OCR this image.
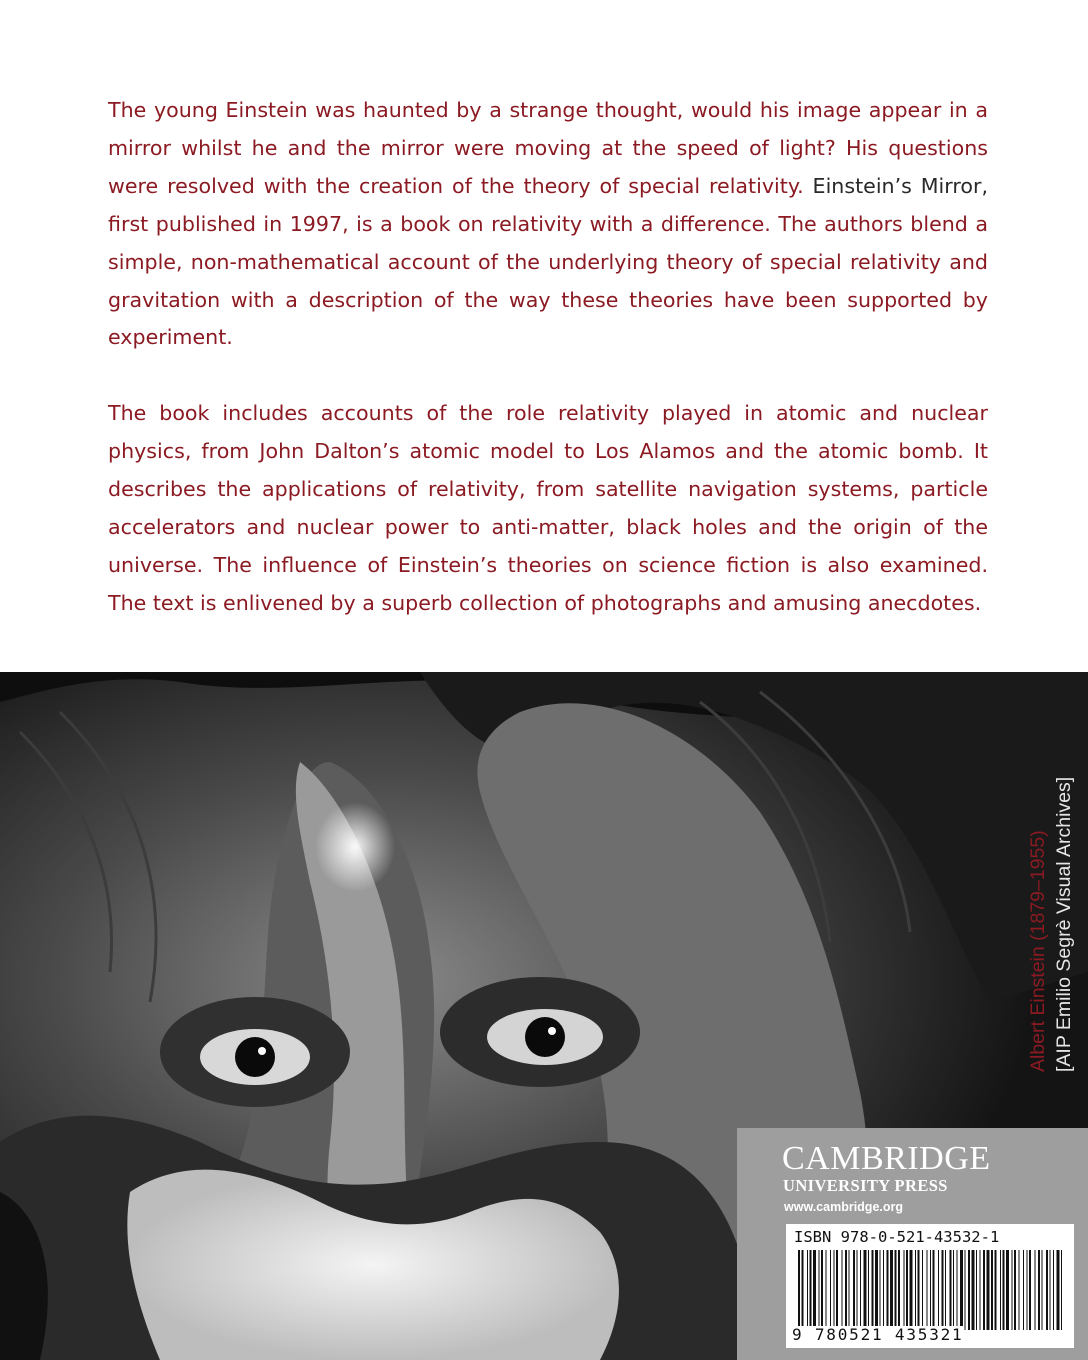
The young Einstein was haunted by a strange thought, would his image appear in a mirror whilst he and the mirror were moving at the speed of light? His questions were resolved with the creation of the theory of special relativity. Einstein’s Mirror, first published in 1997, is a book on relativity with a difference. The authors blend a simple, non-mathematical account of the underlying theory of special relativity and gravitation with a description of the way these theories have been supported by experiment.

The book includes accounts of the role relativity played in atomic and nuclear physics, from John Dalton’s atomic model to Los Alamos and the atomic bomb. It describes the applications of relativity, from satellite navigation systems, particle accelerators and nuclear power to anti-matter, black holes and the origin of the universe. The influence of Einstein’s theories on science fiction is also examined. The text is enlivened by a superb collection of photographs and amusing anecdotes.

Albert Einstein (1879–1955) [AIP Emilio Segrè Visual Archives]
CAMBRIDGE
UNIVERSITY PRESS
www.cambridge.org
ISBN 978-0-521-43532-1
9 780521 435321
